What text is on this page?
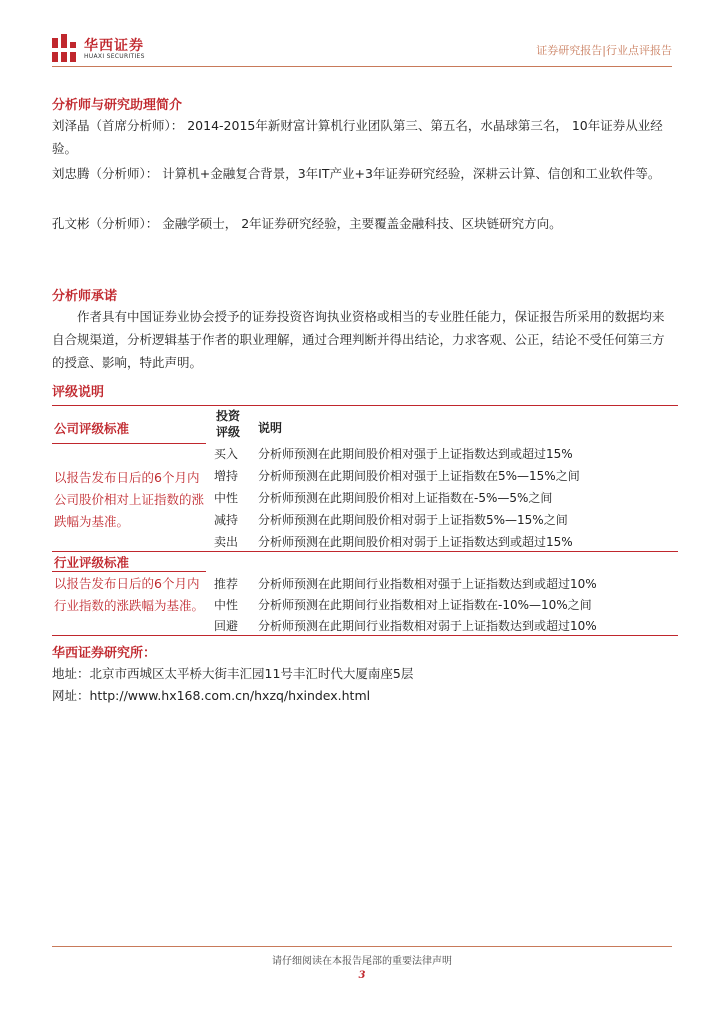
华西证券
HUAXI SECURITIES	证券研究报告|行业点评报告
分析师与研究助理简介
刘泽晶（首席分析师）： 2014-2015年新财富计算机行业团队第三、第五名，水晶球第三名， 10年证券从业经验。
刘忠腾（分析师）： 计算机+金融复合背景，3年IT产业+3年证券研究经验，深耕云计算、信创和工业软件等。
孔文彬（分析师）： 金融学硕士， 2年证券研究经验，主要覆盖金融科技、区块链研究方向。
分析师承诺
作者具有中国证券业协会授予的证券投资咨询执业资格或相当的专业胜任能力，保证报告所采用的数据均来自合规渠道，分析逻辑基于作者的职业理解，通过合理判断并得出结论，力求客观、公正，结论不受任何第三方的授意、影响，特此声明。
评级说明
公司评级标准
投资评级 说明
以报告发布日后的6个月内公司股价相对上证指数的涨跌幅为基准。
买入 分析师预测在此期间股价相对强于上证指数达到或超过15%
增持 分析师预测在此期间股价相对强于上证指数在5%—15%之间
中性 分析师预测在此期间股价相对上证指数在-5%—5%之间
减持 分析师预测在此期间股价相对弱于上证指数5%—15%之间
卖出 分析师预测在此期间股价相对弱于上证指数达到或超过15%
行业评级标准
以报告发布日后的6个月内行业指数的涨跌幅为基准。
推荐 分析师预测在此期间行业指数相对强于上证指数达到或超过10%
中性 分析师预测在此期间行业指数相对上证指数在-10%—10%之间
回避 分析师预测在此期间行业指数相对弱于上证指数达到或超过10%
华西证券研究所：
地址：北京市西城区太平桥大街丰汇园11号丰汇时代大厦南座5层
网址：http://www.hx168.com.cn/hxzq/hxindex.html
请仔细阅读在本报告尾部的重要法律声明
3
